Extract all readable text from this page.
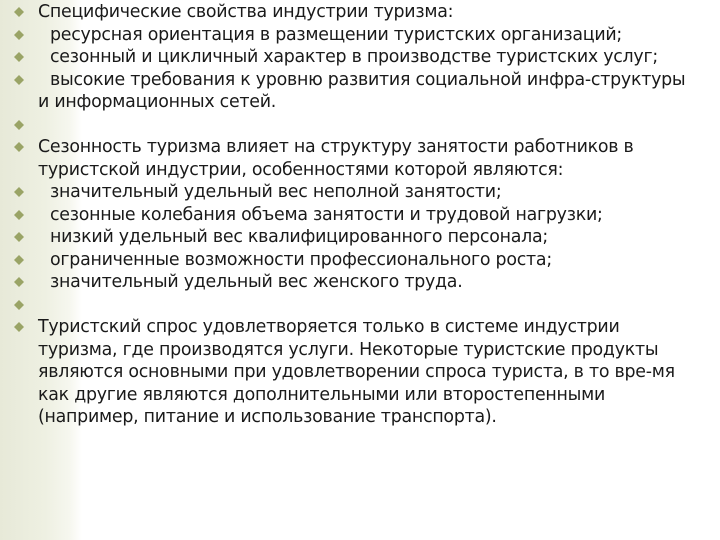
Специфические свойства индустрии туризма:
ресурсная ориентация в размещении туристских организаций;
сезонный и цикличный характер в производстве туристских услуг;
высокие требования к уровню развития социальной инфра-структуры
и информационных сетей.
Сезонность туризма влияет на структуру занятости работников в
туристской индустрии, особенностями которой являются:
значительный удельный вес неполной занятости;
сезонные колебания объема занятости и трудовой нагрузки;
низкий удельный вес квалифицированного персонала;
ограниченные возможности профессионального роста;
значительный удельный вес женского труда.
Туристский спрос удовлетворяется только в системе индустрии
туризма, где производятся услуги. Некоторые туристские продукты
являются основными при удовлетворении спроса туриста, в то вре-мя
как другие являются дополнительными или второстепенными
(например, питание и использование транспорта).
